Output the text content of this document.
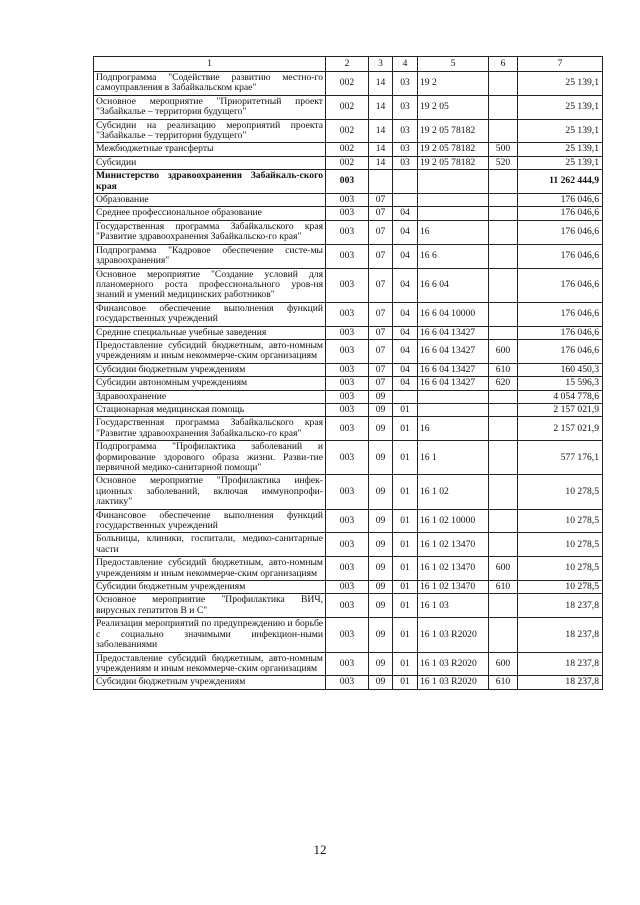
1	2	3	4	5	6	7
Подпрограмма "Содействие развитию местно-го самоуправления в Забайкальском крае"	002	14	03	19 2		25 139,1
Основное мероприятие "Приоритетный проект "Забайкалье – территория будущего"	002	14	03	19 2 05		25 139,1
Субсидии на реализацию мероприятий проекта "Забайкалье – территория будущего"	002	14	03	19 2 05 78182		25 139,1
Межбюджетные трансферты	002	14	03	19 2 05 78182	500	25 139,1
Субсидии	002	14	03	19 2 05 78182	520	25 139,1
Министерство здравоохранения Забайкаль-ского края	003					11 262 444,9
Образование	003	07				176 046,6
Среднее профессиональное образование	003	07	04			176 046,6
Государственная программа Забайкальского края "Развитие здравоохранения Забайкальско-го края"	003	07	04	16		176 046,6
Подпрограмма "Кадровое обеспечение систе-мы здравоохранения"	003	07	04	16 6		176 046,6
Основное мероприятие "Создание условий для планомерного роста профессионального уров-ня знаний и умений медицинских работников"	003	07	04	16 6 04		176 046,6
Финансовое обеспечение выполнения функций государственных учреждений	003	07	04	16 6 04 10000		176 046,6
Средние специальные учебные заведения	003	07	04	16 6 04 13427		176 046,6
Предоставление субсидий бюджетным, авто-номным учреждениям и иным некоммерче-ским организациям	003	07	04	16 6 04 13427	600	176 046,6
Субсидии бюджетным учреждениям	003	07	04	16 6 04 13427	610	160 450,3
Субсидии автономным учреждениям	003	07	04	16 6 04 13427	620	15 596,3
Здравоохранение	003	09				4 054 778,6
Стационарная медицинская помощь	003	09	01			2 157 021,9
Государственная программа Забайкальского края "Развитие здравоохранения Забайкальско-го края"	003	09	01	16		2 157 021,9
Подпрограмма "Профилактика заболеваний и формирование здорового образа жизни. Разви-тие первичной медико-санитарной помощи"	003	09	01	16 1		577 176,1
Основное мероприятие "Профилактика инфек-ционных заболеваний, включая иммунопрофи-лактику"	003	09	01	16 1 02		10 278,5
Финансовое обеспечение выполнения функций государственных учреждений	003	09	01	16 1 02 10000		10 278,5
Больницы, клиники, госпитали, медико-санитарные части	003	09	01	16 1 02 13470		10 278,5
Предоставление субсидий бюджетным, авто-номным учреждениям и иным некоммерче-ским организациям	003	09	01	16 1 02 13470	600	10 278,5
Субсидии бюджетным учреждениям	003	09	01	16 1 02 13470	610	10 278,5
Основное мероприятие "Профилактика ВИЧ, вирусных гепатитов В и С"	003	09	01	16 1 03		18 237,8
Реализация мероприятий по предупреждению и борьбе с социально значимыми инфекцион-ными заболеваниями	003	09	01	16 1 03 R2020		18 237,8
Предоставление субсидий бюджетным, авто-номным учреждениям и иным некоммерче-ским организациям	003	09	01	16 1 03 R2020	600	18 237,8
Субсидии бюджетным учреждениям	003	09	01	16 1 03 R2020	610	18 237,8
12
